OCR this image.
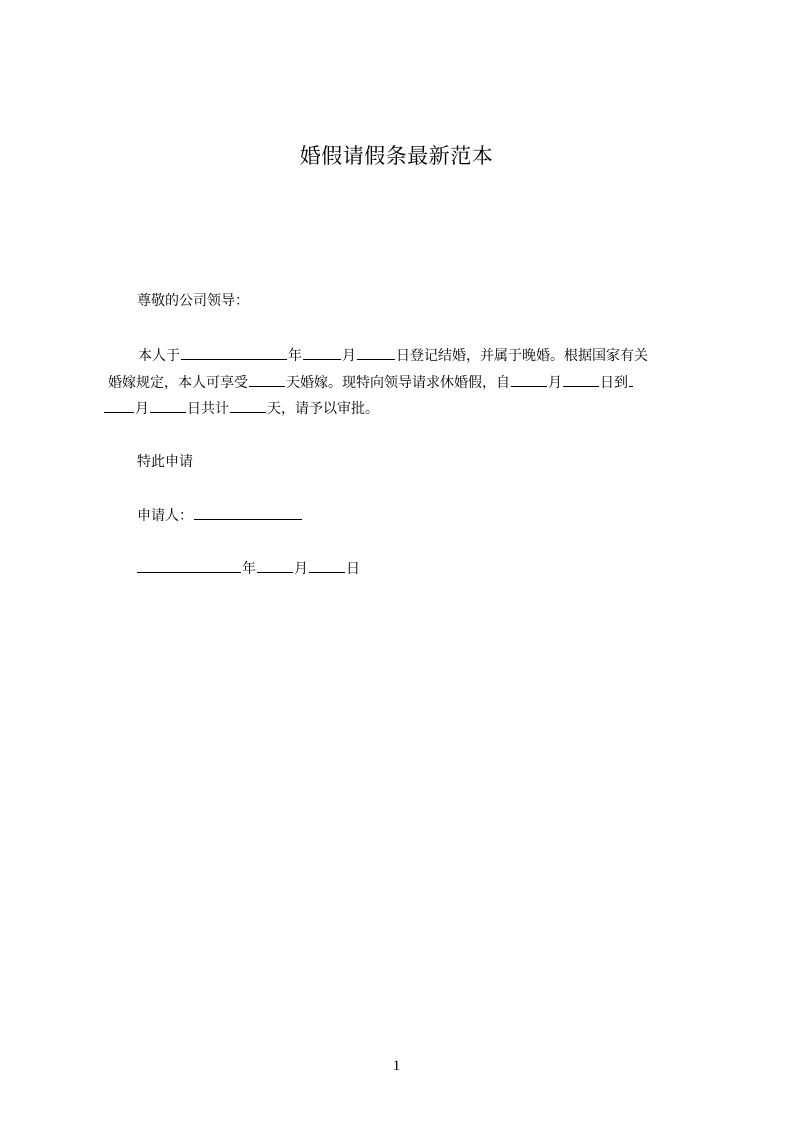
婚假请假条最新范本
尊敬的公司领导：
本人于	年	月	日登记结婚，并属于晚婚。根据国家有关
婚嫁规定，本人可享受	天婚嫁。现特向领导请求休婚假，自	月	日到
月	日共计	天，请予以审批。
特此申请
申请人：
年	月	日
1
